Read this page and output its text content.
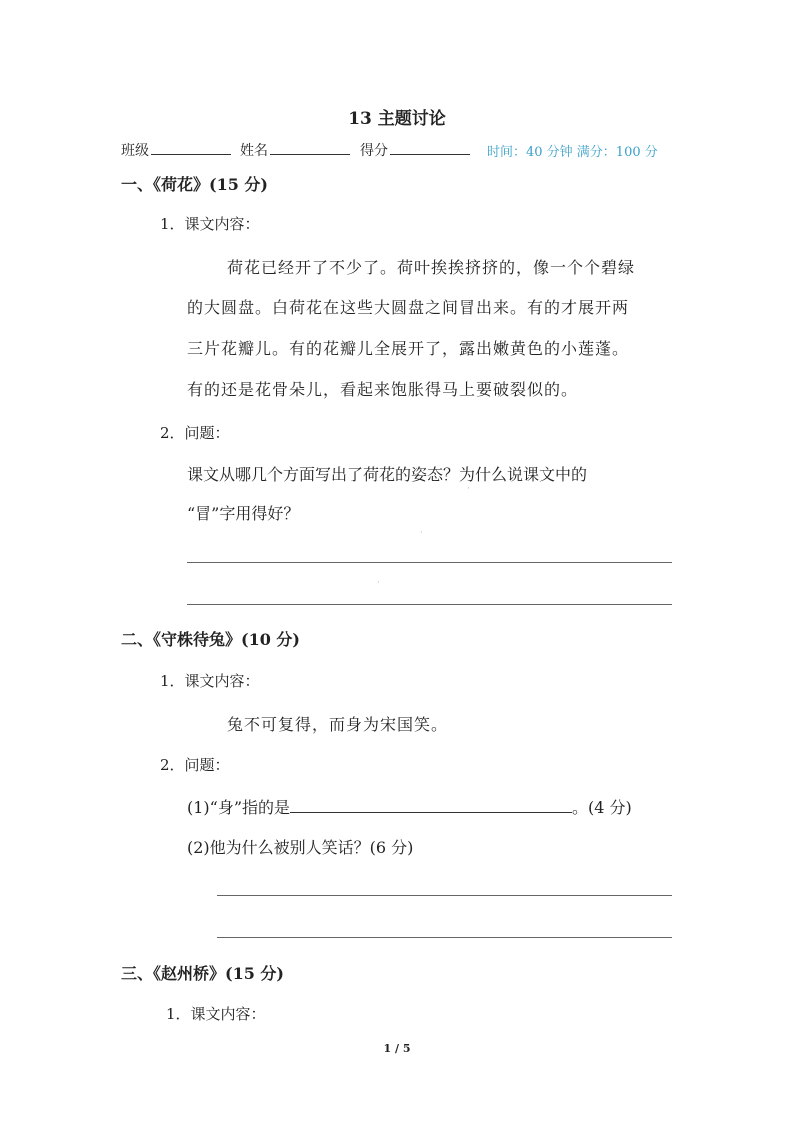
13 主题讨论
班级	姓名	得分	时间：40 分钟 满分：100 分
一、《荷花》(15 分)
1．课文内容：
荷花已经开了不少了。荷叶挨挨挤挤的，像一个个碧绿
的大圆盘。白荷花在这些大圆盘之间冒出来。有的才展开两
三片花瓣儿。有的花瓣儿全展开了，露出嫩黄色的小莲蓬。
有的还是花骨朵儿，看起来饱胀得马上要破裂似的。
2．问题：
课文从哪几个方面写出了荷花的姿态？为什么说课文中的
“冒”字用得好？
·
·
·
二、《守株待兔》(10 分)
1．课文内容：
兔不可复得，而身为宋国笑。
2．问题：
(1)“身”指的是	。(4 分)
(2)他为什么被别人笑话？(6 分)
三、《赵州桥》(15 分)
1．课文内容：
1 / 5
